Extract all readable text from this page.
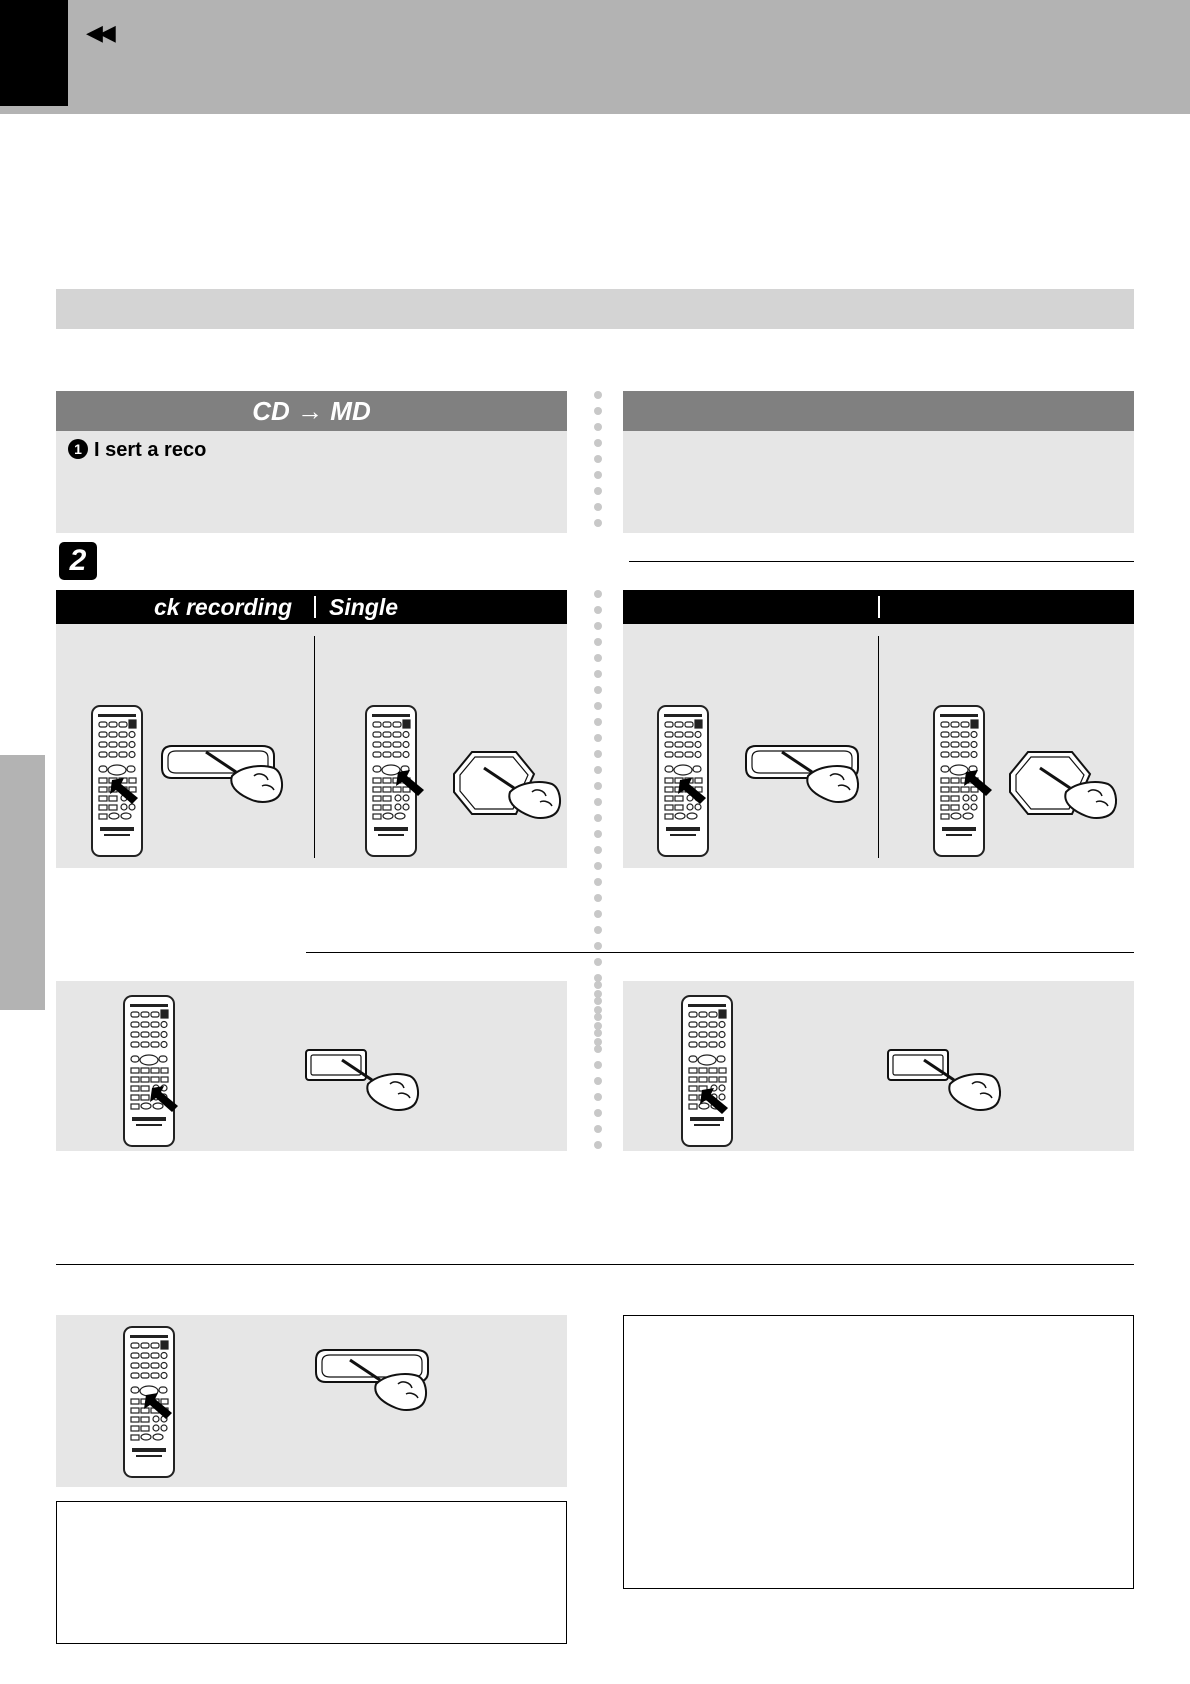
◀◀
CD → MD
1 I sert a reco
2
ck recording Single
